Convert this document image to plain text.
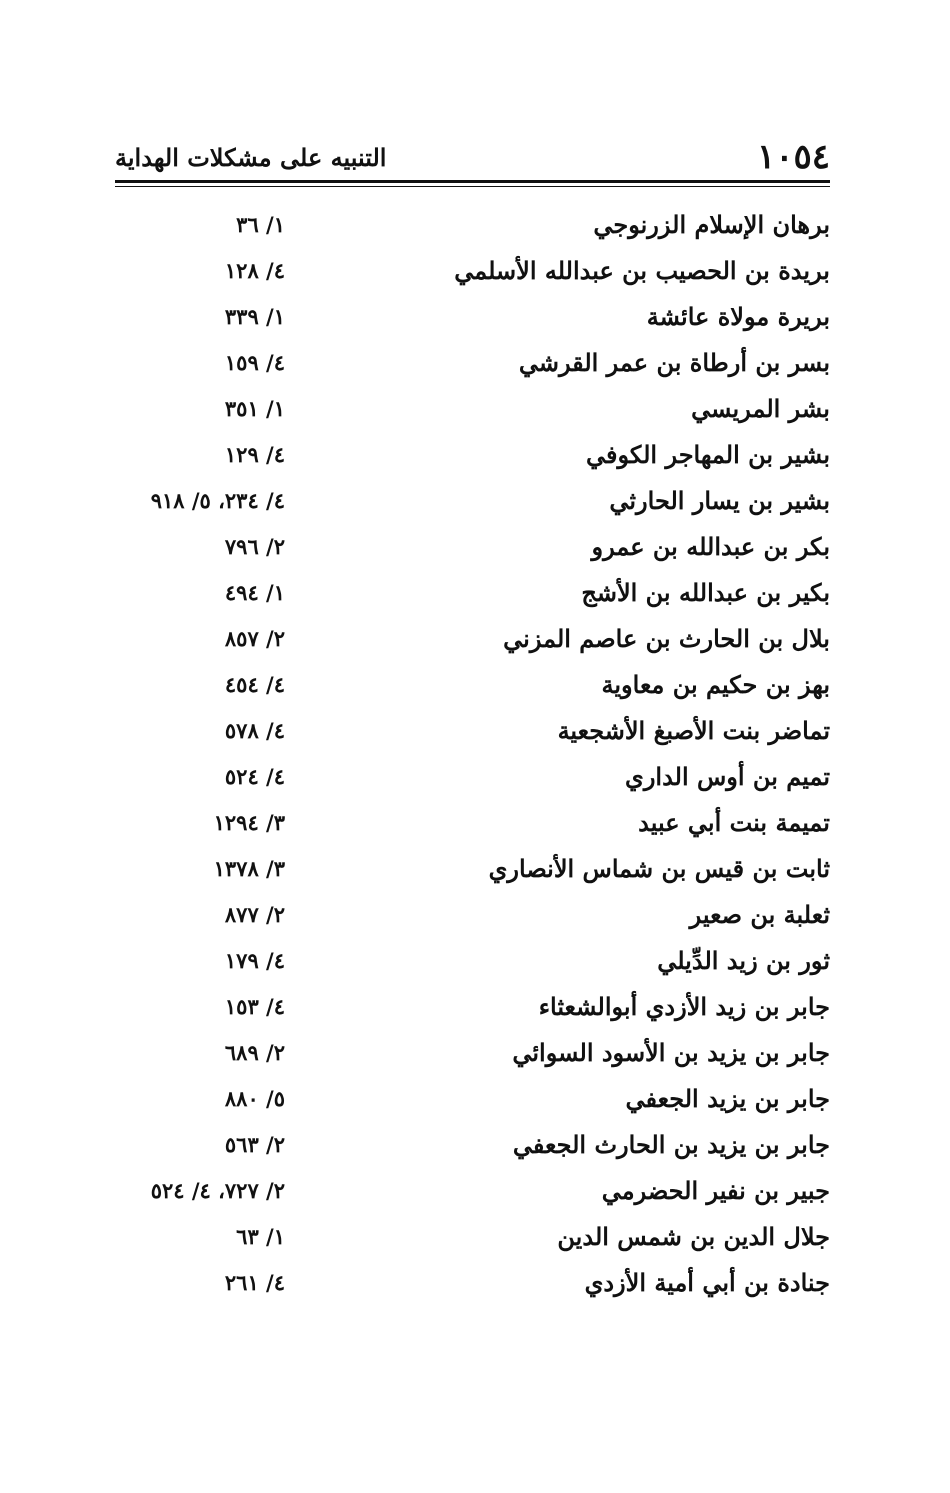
١٠٥٤
التنبيه على مشكلات الهداية
برهان الإسلام الزرنوجي
١/ ٣٦
بريدة بن الحصيب بن عبدالله الأسلمي
٤/ ١٢٨
بريرة مولاة عائشة
١/ ٣٣٩
بسر بن أرطاة بن عمر القرشي
٤/ ١٥٩
بشر المريسي
١/ ٣٥١
بشير بن المهاجر الكوفي
٤/ ١٢٩
بشير بن يسار الحارثي
٤/ ٢٣٤، ٥/ ٩١٨
بكر بن عبدالله بن عمرو
٢/ ٧٩٦
بكير بن عبدالله بن الأشج
١/ ٤٩٤
بلال بن الحارث بن عاصم المزني
٢/ ٨٥٧
بهز بن حكيم بن معاوية
٤/ ٤٥٤
تماضر بنت الأصبغ الأشجعية
٤/ ٥٧٨
تميم بن أوس الداري
٤/ ٥٢٤
تميمة بنت أبي عبيد
٣/ ١٢٩٤
ثابت بن قيس بن شماس الأنصاري
٣/ ١٣٧٨
ثعلبة بن صعير
٢/ ٨٧٧
ثور بن زيد الدِّيلي
٤/ ١٧٩
جابر بن زيد الأزدي أبوالشعثاء
٤/ ١٥٣
جابر بن يزيد بن الأسود السوائي
٢/ ٦٨٩
جابر بن يزيد الجعفي
٥/ ٨٨٠
جابر بن يزيد بن الحارث الجعفي
٢/ ٥٦٣
جبير بن نفير الحضرمي
٢/ ٧٢٧، ٤/ ٥٢٤
جلال الدين بن شمس الدين
١/ ٦٣
جنادة بن أبي أمية الأزدي
٤/ ٢٦١
